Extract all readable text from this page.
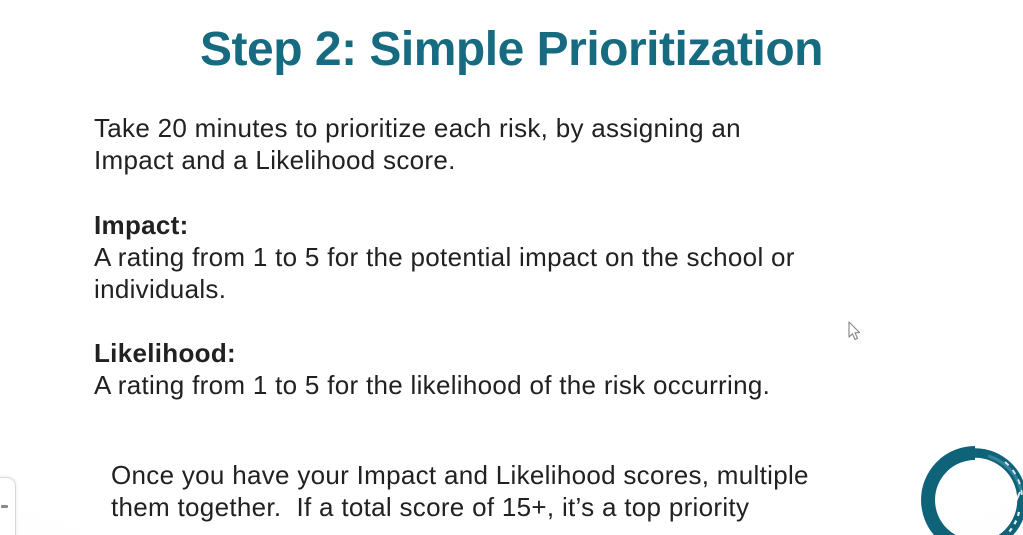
Step 2: Simple Prioritization
Take 20 minutes to prioritize each risk, by assigning an
Impact and a Likelihood score.
Impact:
A rating from 1 to 5 for the potential impact on the school or
individuals.
Likelihood:
A rating from 1 to 5 for the likelihood of the risk occurring.
Once you have your Impact and Likelihood scores, multiple
them together.  If a total score of 15+, it’s a top priority
